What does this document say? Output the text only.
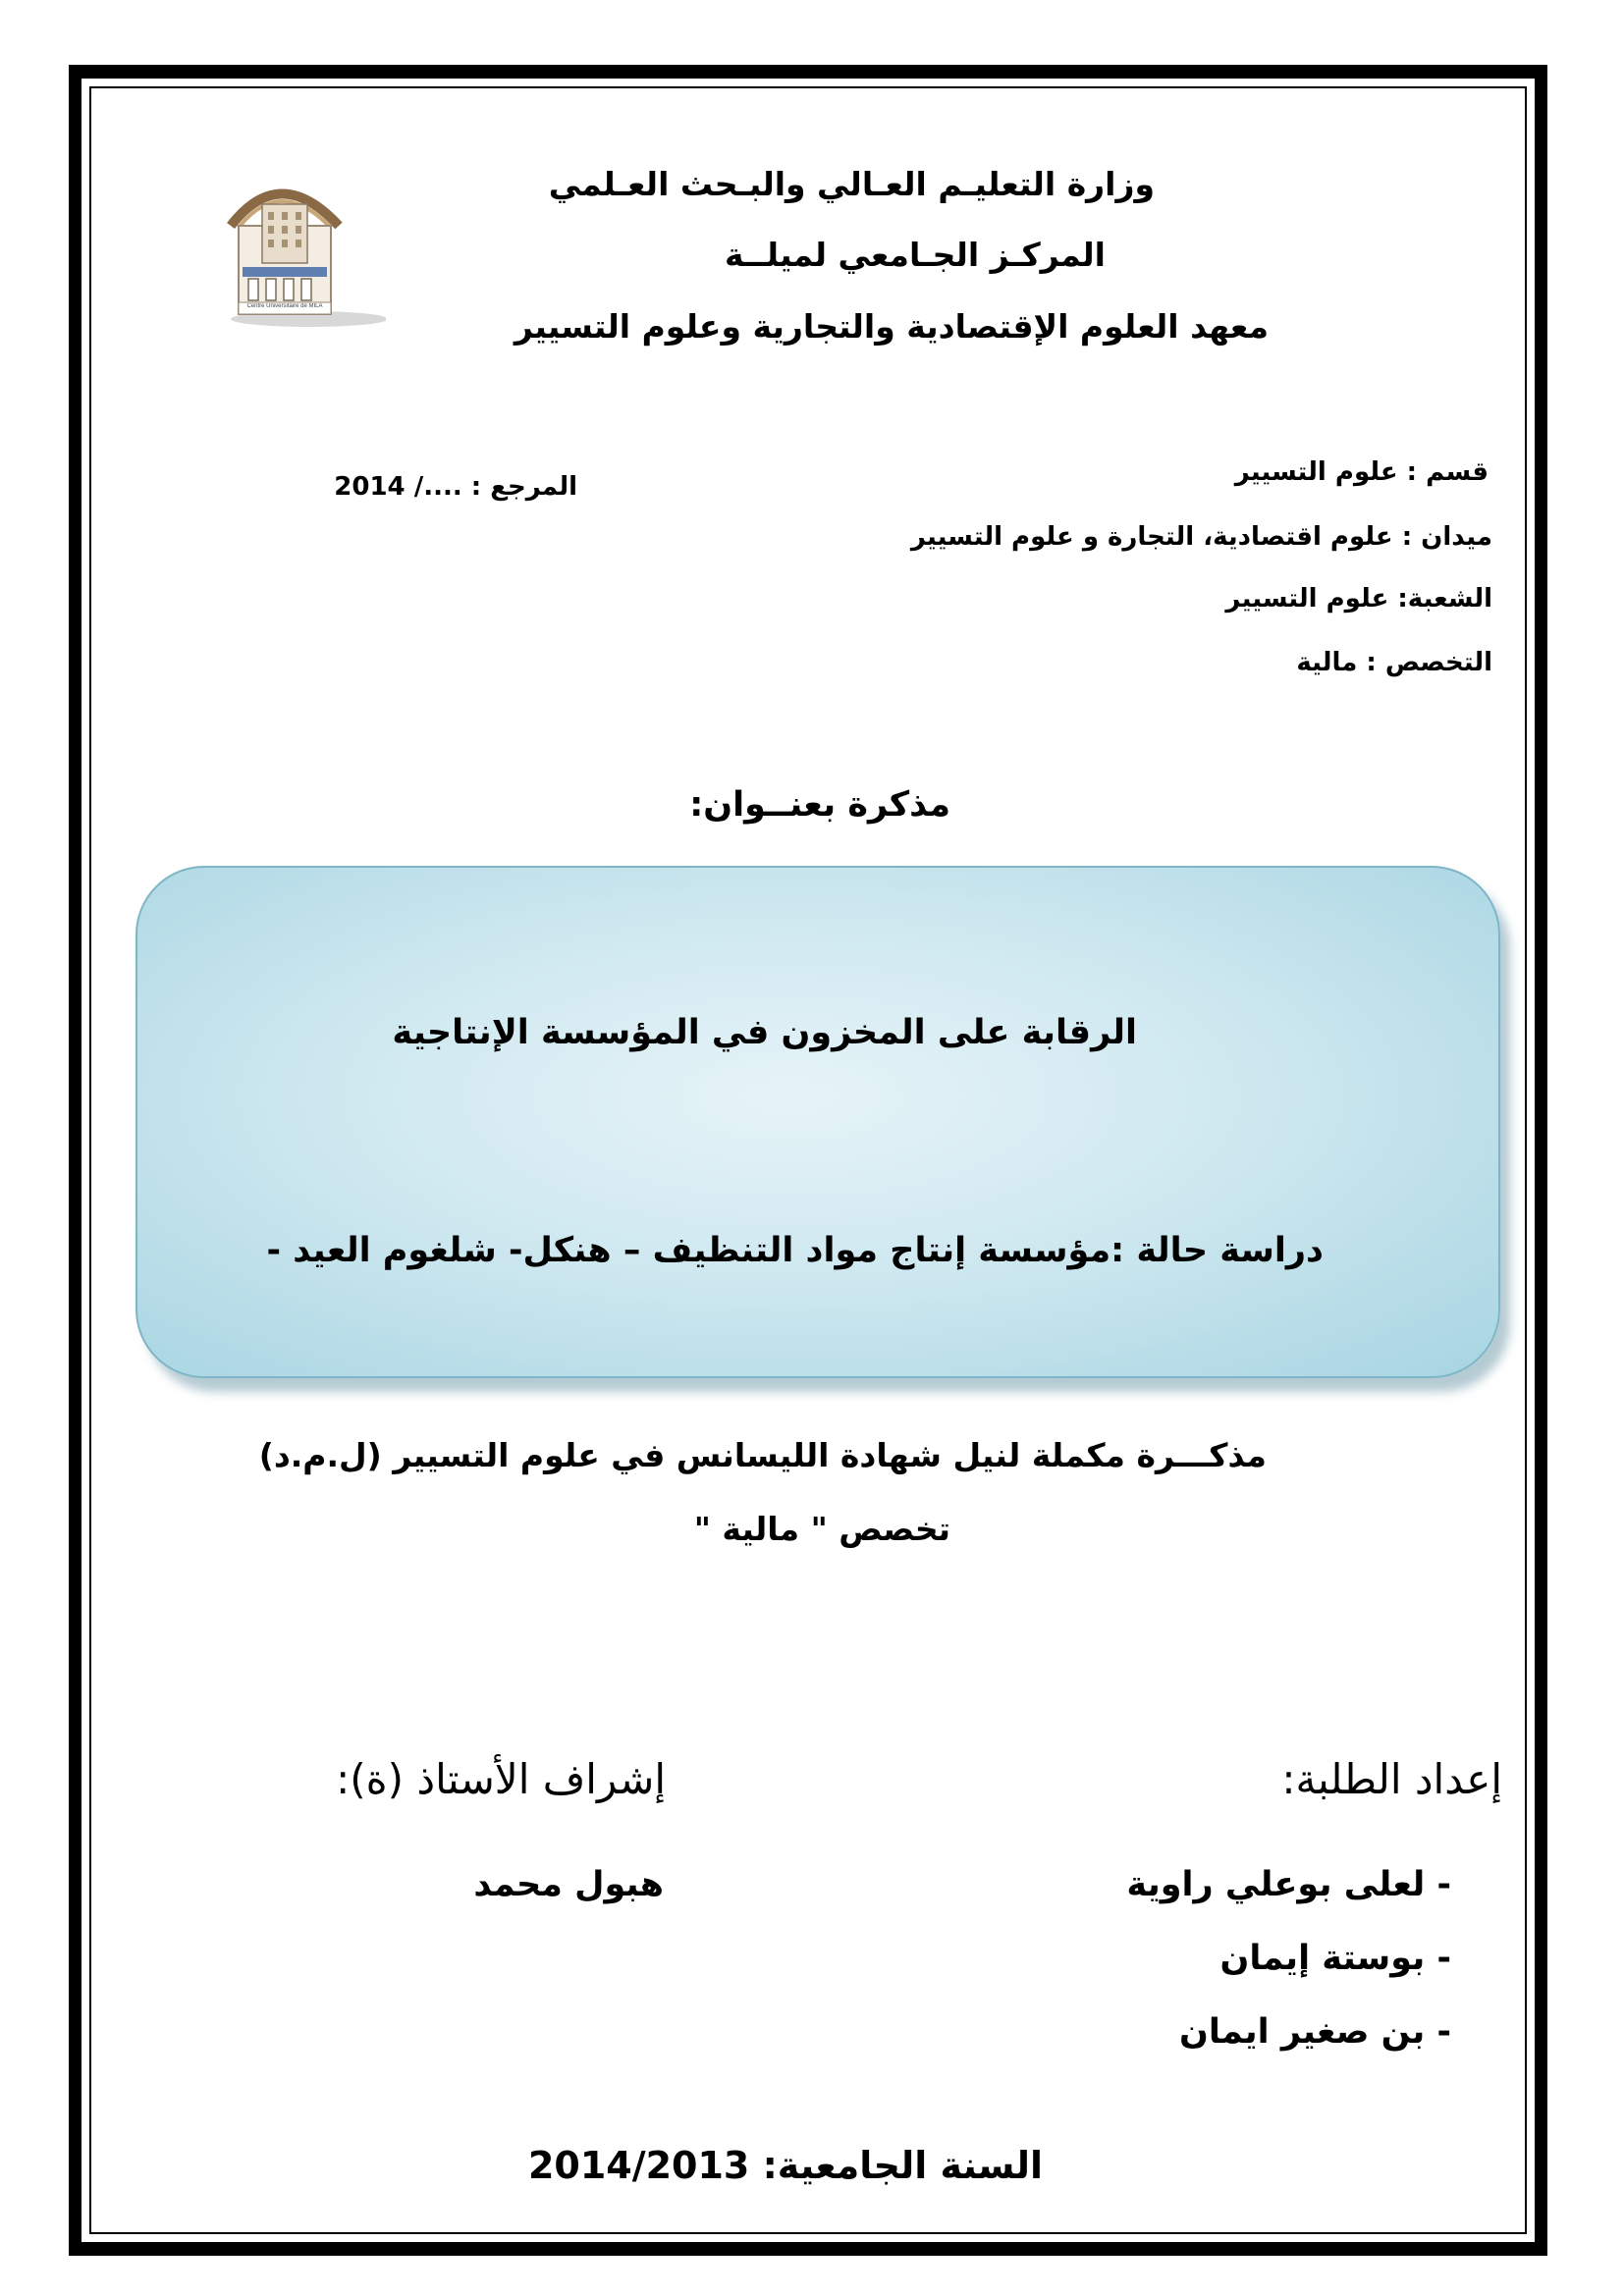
Centre Universitaire de MILA
وزارة التعليـم العـالي والبـحث العـلمي
المركـز الجـامعي لميلــة
معهد العلوم الإقتصادية والتجارية وعلوم التسيير
قسم : علوم التسيير
المرجع : ..../ 2014
ميدان : علوم اقتصادية، التجارة و علوم التسيير
الشعبة: علوم التسيير
التخصص : مالية
مذكرة بعنــوان:
الرقابة على المخزون في المؤسسة الإنتاجية
دراسة حالة :مؤسسة إنتاج مواد التنظيف – هنكل- شلغوم العيد -
مذكـــرة مكملة لنيل شهادة الليسانس في علوم التسيير (ل.م.د)
تخصص " مالية "
إعداد الطلبة:
إشراف الأستاذ (ة):
- لعلى بوعلي راوية
- بوستة إيمان
- بن صغير ايمان
هبول محمد
السنة الجامعية: 2014/2013
